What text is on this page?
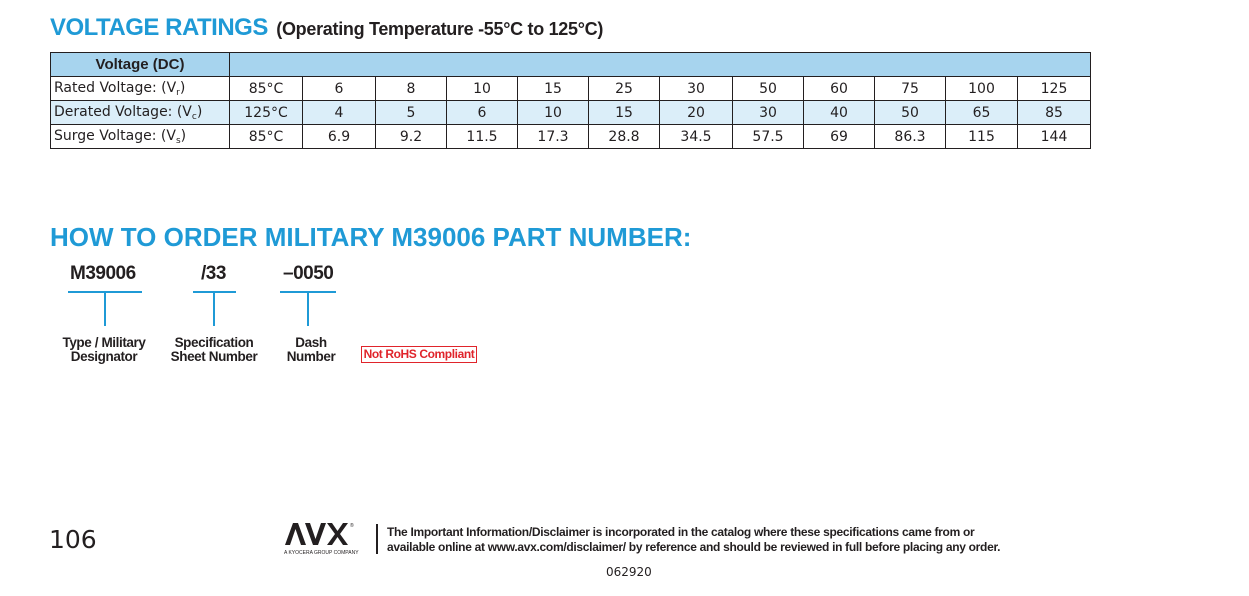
VOLTAGE RATINGS (Operating Temperature -55°C to 125°C)
Voltage (DC)												
Rated Voltage: $(V_r)$	85°C	6	8	10	15	25	30	50	60	75	100	125
Derated Voltage: $(V_c)$	125°C	4	5	6	10	15	20	30	40	50	65	85
Surge Voltage: $(V_s)$	85°C	6.9	9.2	11.5	17.3	28.8	34.5	57.5	69	86.3	115	144
HOW TO ORDER MILITARY M39006 PART NUMBER:
M39006
Type / Military
Designator
/33
Specification
Sheet Number
–0050
Dash
Number	Not RoHS Compliant
106	®
A KYOCERA GROUP COMPANY
The Important Information/Disclaimer is incorporated in the catalog where these specifications came from or
available online at www.avx.com/disclaimer/ by reference and should be reviewed in full before placing any order.
062920
